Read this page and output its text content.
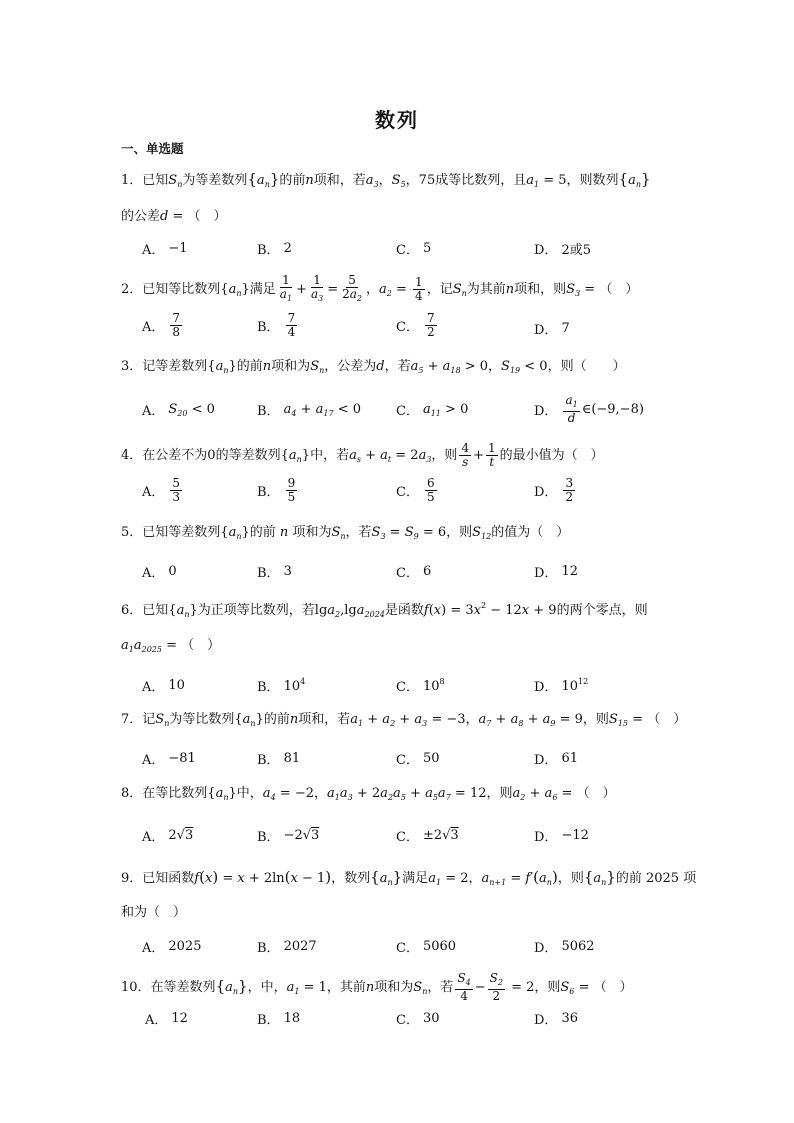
数列
一、单选题
1．已知$S_n$为等差数列$\{a_n\}$的前n项和，若$a_3$，$S_5$，75成等比数列，且$a_1 = 5$，则数列$\{a_n\}$
的公差d = （　）
A． −1	B． 2	C． 5	D． 2或5
2．已知等比数列$\{a_n\}$满足 $\frac{1}{a_1} + \frac{1}{a_3} = \frac{5}{2a_2}$ ，$a_2 = \frac{1}{4}$ ，记$S_n$为其前n项和，则$S_3$ = （　）
A． $\frac{7}{8}$	B． $\frac{7}{4}$	C． $\frac{7}{2}$	D． 7
3．记等差数列$\{a_n\}$的前n项和为$S_n$，公差为d，若$a_5 + a_{18} > 0$，$S_{19} < 0$，则（　　）
A． $S_{20} < 0$	B． $a_4 + a_{17} < 0$	C． $a_{11} > 0$	D． $\frac{a_1}{d}$ ∈ (−9,−8)
4．在公差不为0的等差数列$\{a_n\}$中，若$a_s + a_t = 2a_3$，则 $\frac{4}{s} + \frac{1}{t}$ 的最小值为（　）
A． $\frac{5}{3}$	B． $\frac{9}{5}$	C． $\frac{6}{5}$	D． $\frac{3}{2}$
5．已知等差数列$\{a_n\}$的前 n 项和为$S_n$，若$S_3 = S_9 = 6$，则$S_{12}$的值为（　）
A． 0	B． 3	C． 6	D． 12
6．已知$\{a_n\}$为正项等比数列，若lga$_2$,lga$_{2024}$是函数$f(x) = 3x^2 - 12x + 9$的两个零点，则
$a_1a_{2025}$ = （　）
A． 10	B． $10^4$	C． $10^8$	D． $10^{12}$
7．记$S_n$为等比数列$\{a_n\}$的前n项和，若$a_1 + a_2 + a_3 = -3$，$a_7 + a_8 + a_9 = 9$，则$S_{15}$ = （　）
A． −81	B． 81	C． 50	D． 61
8．在等比数列$\{a_n\}$中，$a_4 = -2$，$a_1a_3 + 2a_2a_5 + a_5a_7 = 12$，则$a_2 + a_6$ = （　）
A． 2√3	B． −2√3	C． ±2√3	D． −12
9．已知函数f(x) = x + 2ln(x − 1)，数列$\{a_n\}$满足$a_1 = 2$，$a_{n+1} = f'(a_n)$，则$\{a_n\}$的前 2025 项
和为（　）
A． 2025	B． 2027	C． 5060	D． 5062
10．在等差数列$\{a_n\}$，中，$a_1 = 1$，其前n项和为$S_n$，若 $\frac{S_4}{4} - \frac{S_2}{2} = 2$，则$S_6$ = （　）
A． 12	B． 18	C． 30	D． 36
